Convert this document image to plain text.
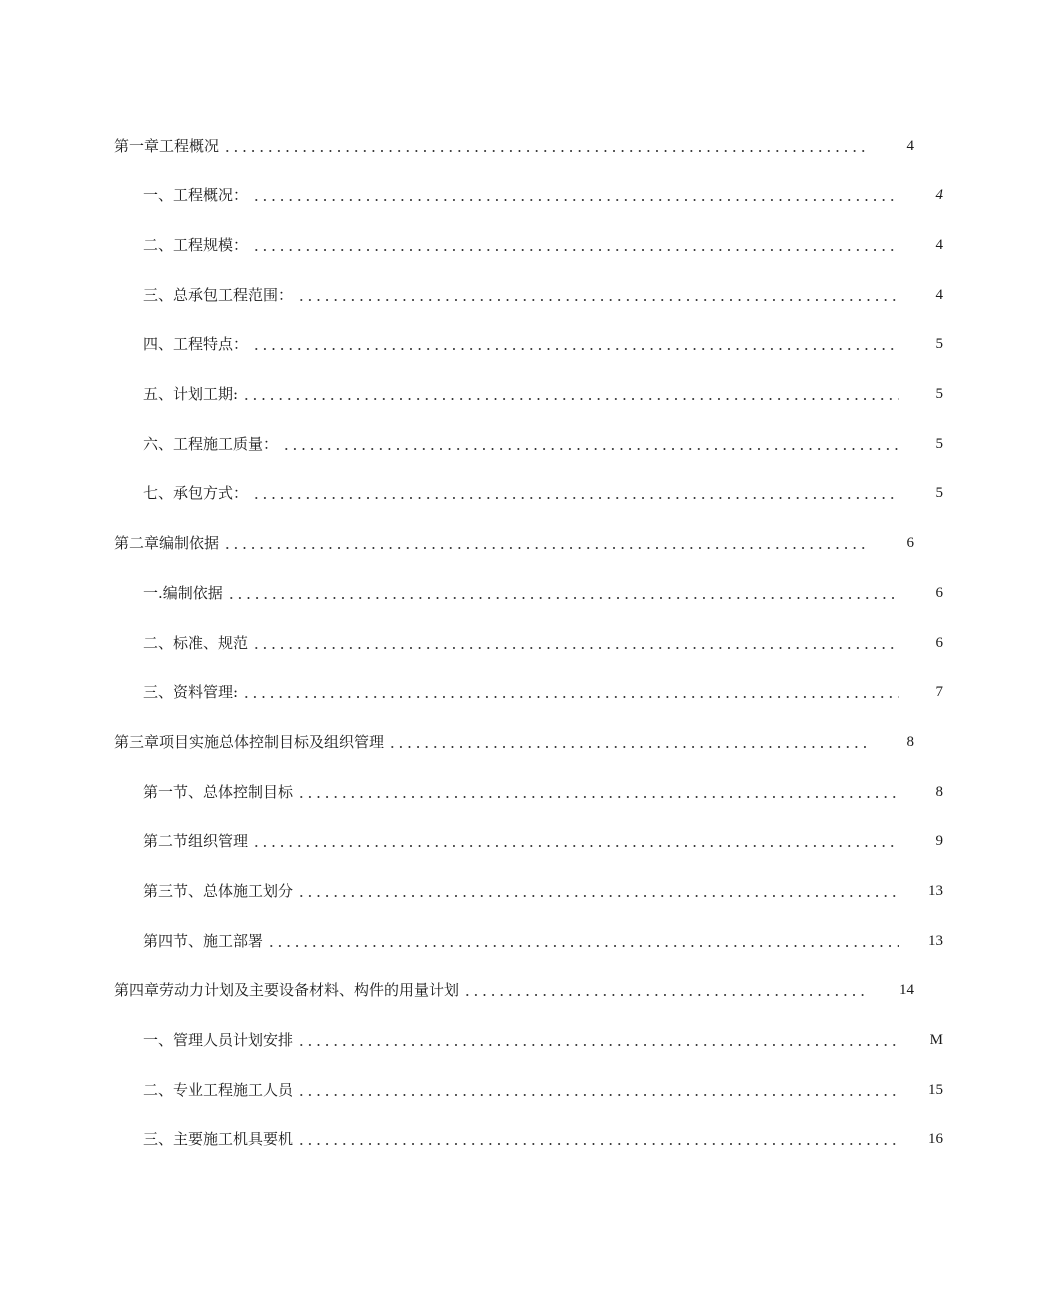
第一章工程概况	4
一、工程概况：	4
二、工程规模：	4
三、总承包工程范围：	4
四、工程特点：	5
五、计划工期:	5
六、工程施工质量：	5
七、承包方式：	5
第二章编制依据	6
一.编制依据	6
二、标准、规范	6
三、资料管理:	7
第三章项目实施总体控制目标及组织管理	8
第一节、总体控制目标	8
第二节组织管理	9
第三节、总体施工划分	13
第四节、施工部署	13
第四章劳动力计划及主要设备材料、构件的用量计划	14
一、管理人员计划安排	M
二、专业工程施工人员	15
三、主要施工机具要机	16
